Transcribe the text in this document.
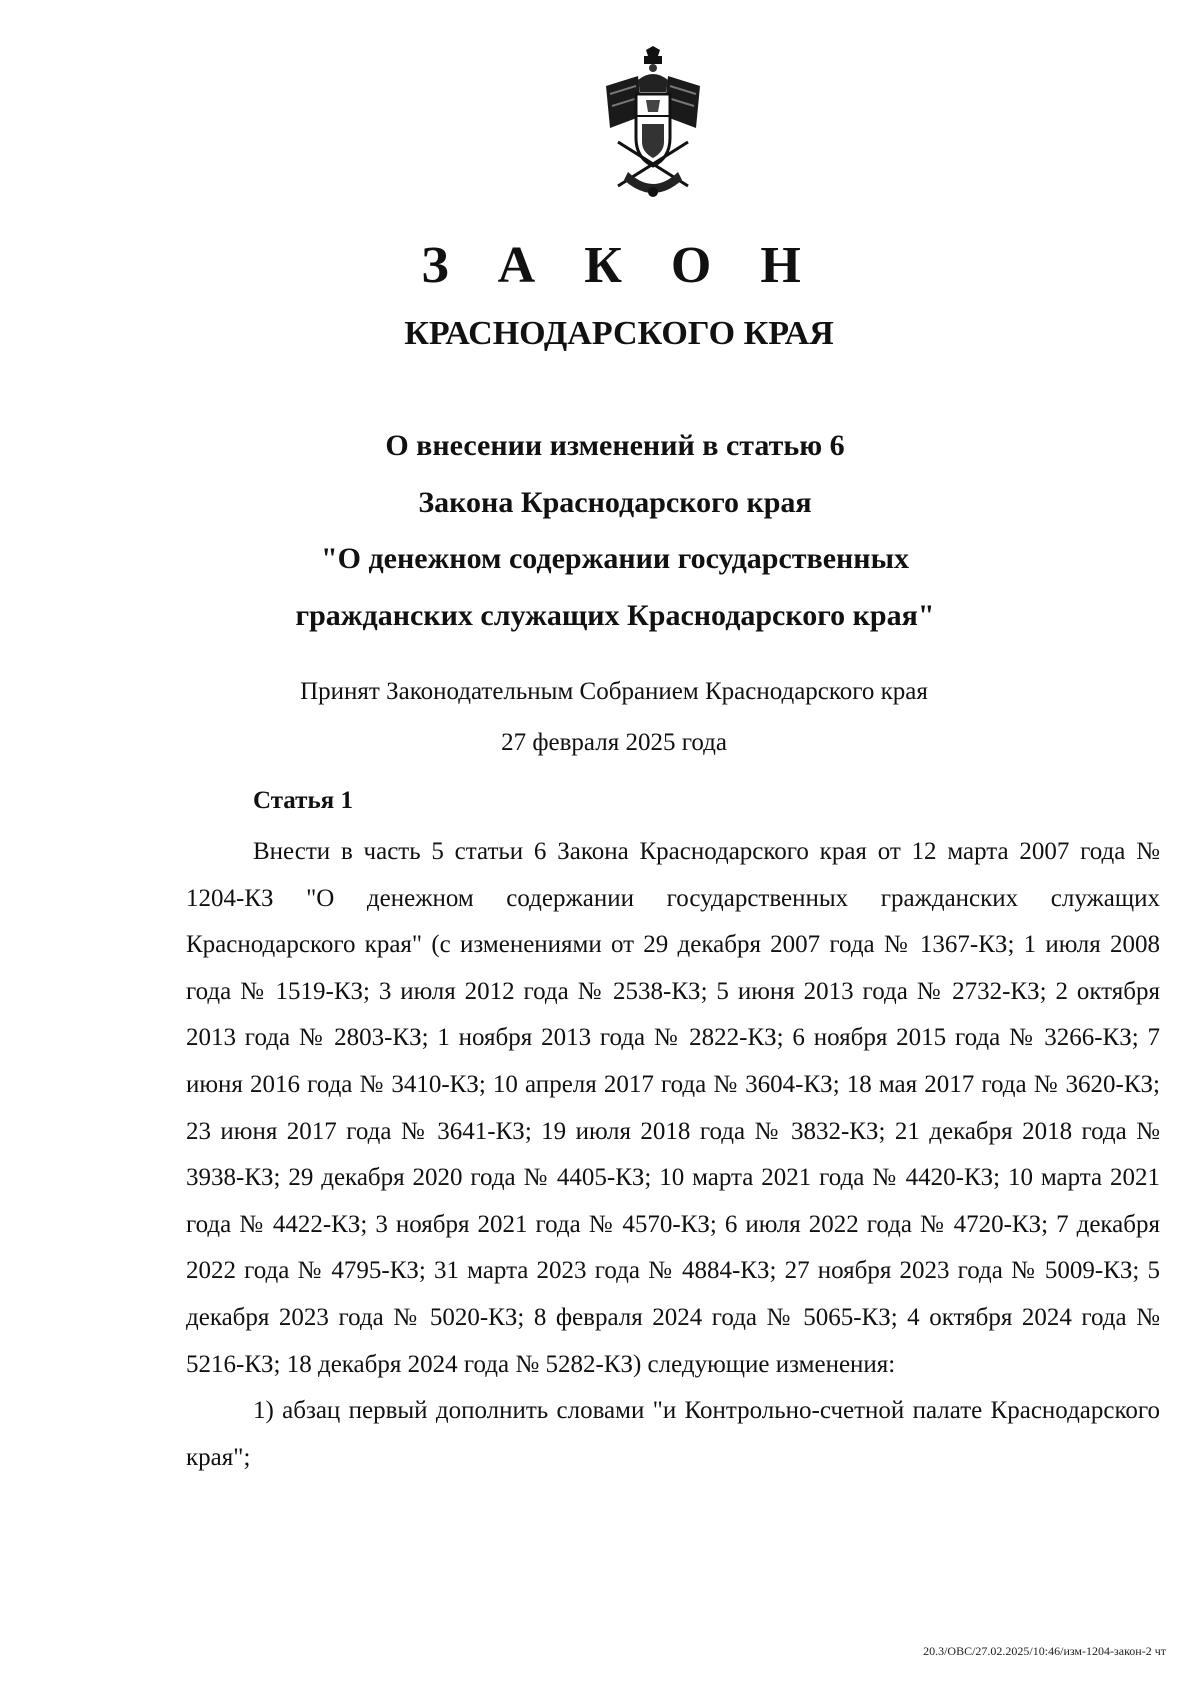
З А К О Н
КРАСНОДАРСКОГО КРАЯ
О внесении изменений в статью 6
Закона Краснодарского края
"О денежном содержании государственных
гражданских служащих Краснодарского края"
Принят Законодательным Собранием Краснодарского края
27 февраля 2025 года
Статья 1

Внести в часть 5 статьи 6 Закона Краснодарского края от 12 марта 2007 года № 1204-КЗ "О денежном содержании государственных гражданских служащих Краснодарского края" (с изменениями от 29 декабря 2007 года № 1367-КЗ; 1 июля 2008 года № 1519-КЗ; 3 июля 2012 года № 2538-КЗ; 5 июня 2013 года № 2732-КЗ; 2 октября 2013 года № 2803-КЗ; 1 ноября 2013 года № 2822-КЗ; 6 ноября 2015 года № 3266-КЗ; 7 июня 2016 года № 3410-КЗ; 10 апреля 2017 года № 3604-КЗ; 18 мая 2017 года № 3620-КЗ; 23 июня 2017 года № 3641-КЗ; 19 июля 2018 года № 3832-КЗ; 21 декабря 2018 года № 3938-КЗ; 29 декабря 2020 года № 4405-КЗ; 10 марта 2021 года № 4420-КЗ; 10 марта 2021 года № 4422-КЗ; 3 ноября 2021 года № 4570-КЗ; 6 июля 2022 года № 4720-КЗ; 7 декабря 2022 года № 4795-КЗ; 31 марта 2023 года № 4884-КЗ; 27 ноября 2023 года № 5009-КЗ; 5 декабря 2023 года № 5020-КЗ; 8 февраля 2024 года № 5065-КЗ; 4 октября 2024 года № 5216-КЗ; 18 декабря 2024 года № 5282-КЗ) следующие изменения:

1) абзац первый дополнить словами "и Контрольно-счетной палате Краснодарского края";

20.3/ОВС/27.02.2025/10:46/изм-1204-закон-2 чт
